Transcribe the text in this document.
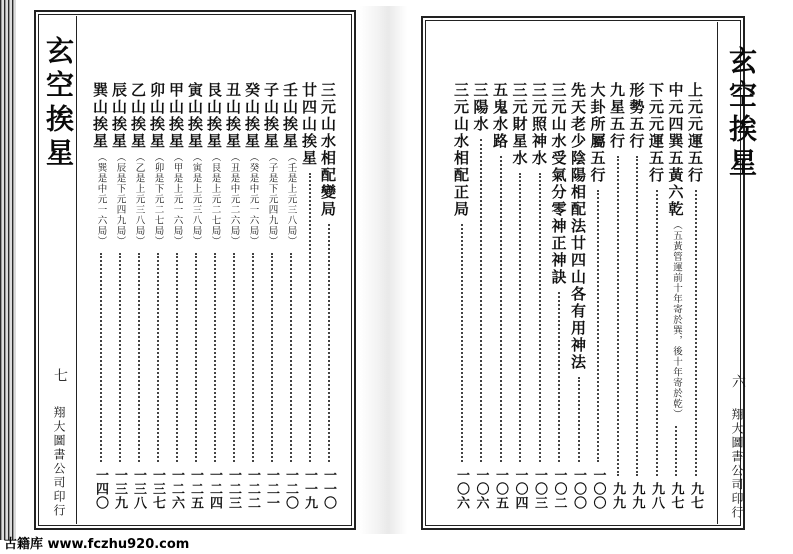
玄空挨星
七
翔大圖書公司印行
三元山水相配變局
一一〇
廿四山挨星
一一九
壬山挨星
（壬是上元三八局）
一二〇
子山挨星
（子是下元四九局）
一二一
癸山挨星
（癸是中元一六局）
一二二
丑山挨星
（丑是中元二六局）
一二三
艮山挨星
（艮是上元二七局）
一二四
寅山挨星
（寅是上元三八局）
一二五
甲山挨星
（甲是上元一六局）
一二六
卯山挨星
（卯是下元二七局）
一三七
乙山挨星
（乙是上元三八局）
一三八
辰山挨星
（辰是下元四九局）
一三九
巽山挨星
（巽是中元一六局）
一四〇
玄空挨星
六
翔大圖書公司印行
上元元運五行
九七
中元四巽五黃六乾
（五黃管運前十年寄於巽，後十年寄於乾）
九七
下元元運五行
九八
形勢五行
九九
九星五行
九九
大卦所屬五行
一〇〇
先天老少陰陽相配法廿四山各有用神法
一〇〇
三元山水受氣分零神正神訣
一〇二
三元照神水
一〇三
三元財星水
一〇四
五鬼水路
一〇五
三陽水
一〇六
三元山水相配正局
一〇六
古籍库 www.fczhu920.com
